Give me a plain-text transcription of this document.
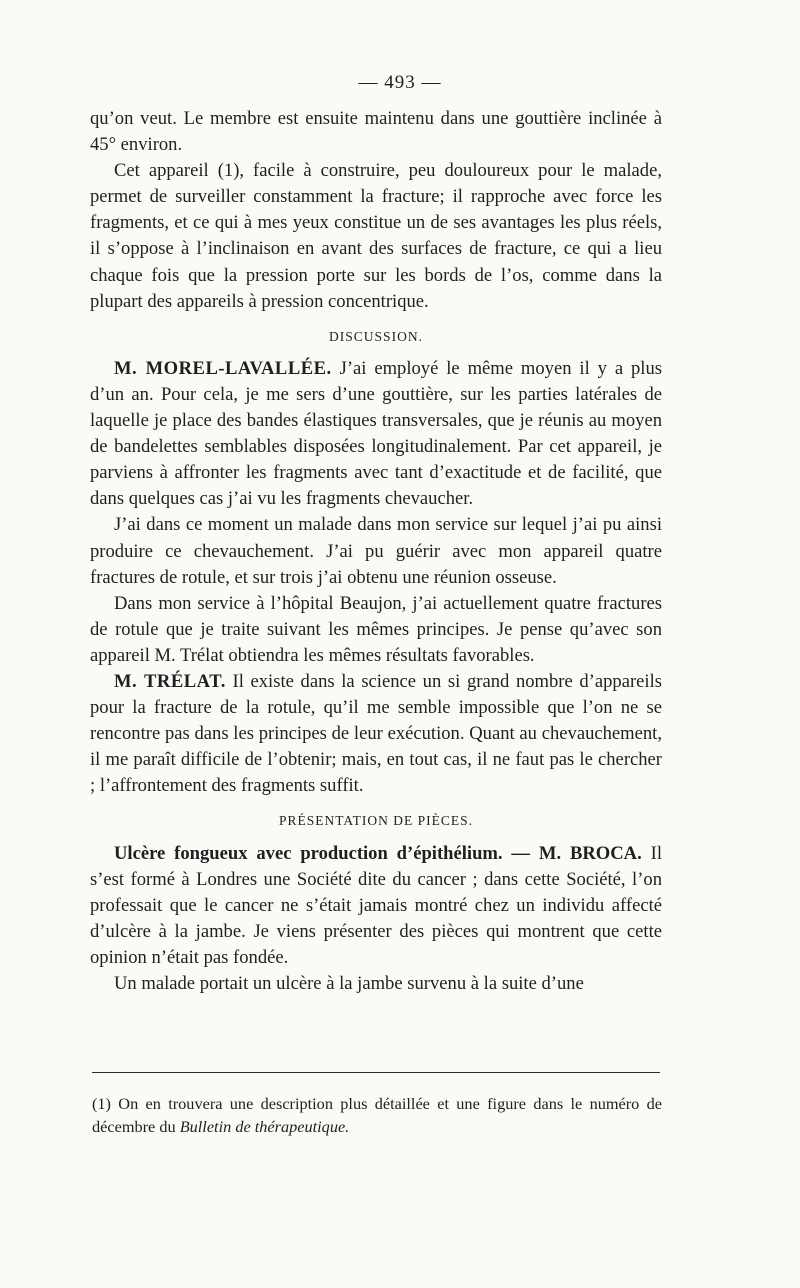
— 493 —

qu’on veut. Le membre est ensuite maintenu dans une gouttière inclinée à 45° environ.

Cet appareil (1), facile à construire, peu douloureux pour le malade, permet de surveiller constamment la fracture; il rapproche avec force les fragments, et ce qui à mes yeux constitue un de ses avantages les plus réels, il s’oppose à l’inclinaison en avant des surfaces de fracture, ce qui a lieu chaque fois que la pression porte sur les bords de l’os, comme dans la plupart des appareils à pression concentrique.

DISCUSSION.

M. MOREL-LAVALLÉE. J’ai employé le même moyen il y a plus d’un an. Pour cela, je me sers d’une gouttière, sur les parties latérales de laquelle je place des bandes élastiques transversales, que je réunis au moyen de bandelettes semblables disposées longitudinalement. Par cet appareil, je parviens à affronter les fragments avec tant d’exactitude et de facilité, que dans quelques cas j’ai vu les fragments chevaucher.

J’ai dans ce moment un malade dans mon service sur lequel j’ai pu ainsi produire ce chevauchement. J’ai pu guérir avec mon appareil quatre fractures de rotule, et sur trois j’ai obtenu une réunion osseuse.

Dans mon service à l’hôpital Beaujon, j’ai actuellement quatre fractures de rotule que je traite suivant les mêmes principes. Je pense qu’avec son appareil M. Trélat obtiendra les mêmes résultats favorables.

M. TRÉLAT. Il existe dans la science un si grand nombre d’appareils pour la fracture de la rotule, qu’il me semble impossible que l’on ne se rencontre pas dans les principes de leur exécution. Quant au chevauchement, il me paraît difficile de l’obtenir; mais, en tout cas, il ne faut pas le chercher ; l’affrontement des fragments suffit.

PRÉSENTATION DE PIÈCES.

Ulcère fongueux avec production d’épithélium. — M. BROCA. Il s’est formé à Londres une Société dite du cancer ; dans cette Société, l’on professait que le cancer ne s’était jamais montré chez un individu affecté d’ulcère à la jambe. Je viens présenter des pièces qui montrent que cette opinion n’était pas fondée.

Un malade portait un ulcère à la jambe survenu à la suite d’une

(1) On en trouvera une description plus détaillée et une figure dans le numéro de décembre du Bulletin de thérapeutique.
